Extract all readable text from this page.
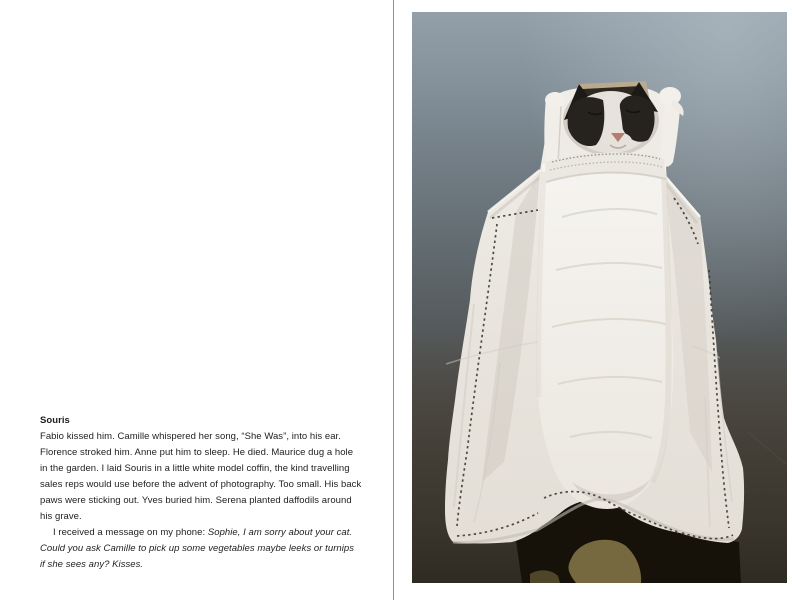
Souris
Fabio kissed him. Camille whispered her song, “She Was”, into his ear.
Florence stroked him. Anne put him to sleep. He died. Maurice dug a hole
in the garden. I laid Souris in a little white model coffin, the kind travelling
sales reps would use before the advent of photography. Too small. His back
paws were sticking out. Yves buried him. Serena planted daffodils around
his grave.
I received a message on my phone: Sophie, I am sorry about your cat.
Could you ask Camille to pick up some vegetables maybe leeks or turnips
if she sees any? Kisses.
